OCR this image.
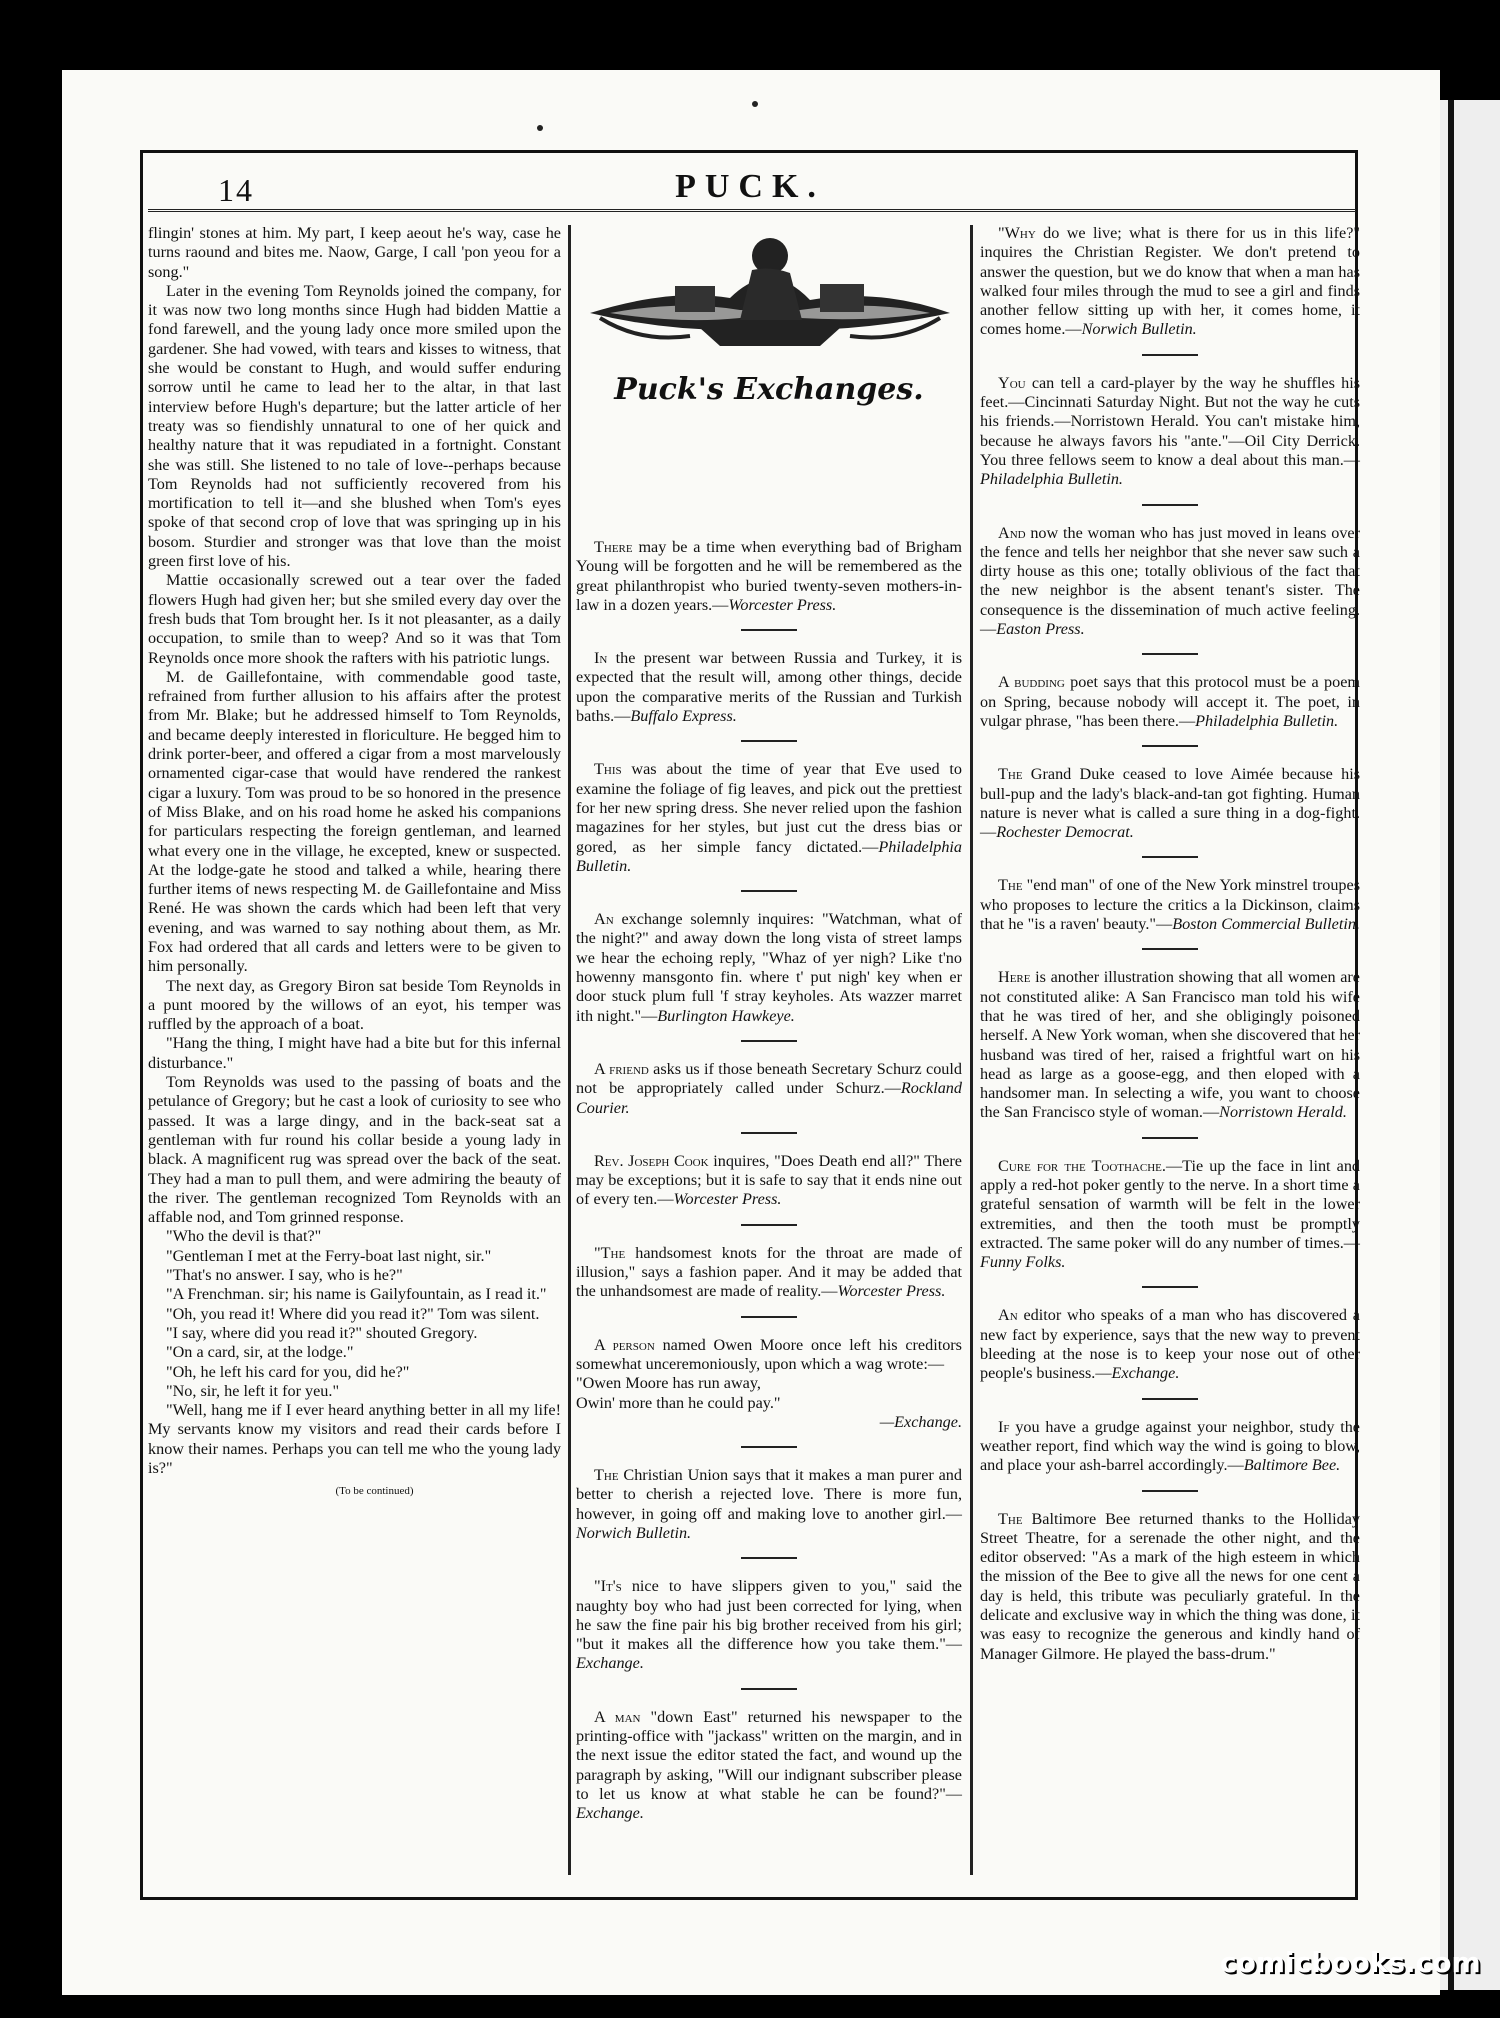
14	PUCK.

flingin' stones at him. My part, I keep aeout he's way, case he turns raound and bites me. Naow, Garge, I call 'pon yeou for a song."

Later in the evening Tom Reynolds joined the company, for it was now two long months since Hugh had bidden Mattie a fond farewell, and the young lady once more smiled upon the gardener. She had vowed, with tears and kisses to witness, that she would be constant to Hugh, and would suffer enduring sorrow until he came to lead her to the altar, in that last interview before Hugh's departure; but the latter article of her treaty was so fiendishly unnatural to one of her quick and healthy nature that it was repudiated in a fortnight. Constant she was still. She listened to no tale of love--perhaps because Tom Reynolds had not sufficiently recovered from his mortification to tell it—and she blushed when Tom's eyes spoke of that second crop of love that was springing up in his bosom. Sturdier and stronger was that love than the moist green first love of his.

Mattie occasionally screwed out a tear over the faded flowers Hugh had given her; but she smiled every day over the fresh buds that Tom brought her. Is it not pleasanter, as a daily occupation, to smile than to weep? And so it was that Tom Reynolds once more shook the rafters with his patriotic lungs.

M. de Gaillefontaine, with commendable good taste, refrained from further allusion to his affairs after the protest from Mr. Blake; but he addressed himself to Tom Reynolds, and became deeply interested in floriculture. He begged him to drink porter-beer, and offered a cigar from a most marvelously ornamented cigar-case that would have rendered the rankest cigar a luxury. Tom was proud to be so honored in the presence of Miss Blake, and on his road home he asked his companions for particulars respecting the foreign gentleman, and learned what every one in the village, he excepted, knew or suspected. At the lodge-gate he stood and talked a while, hearing there further items of news respecting M. de Gaillefontaine and Miss René. He was shown the cards which had been left that very evening, and was warned to say nothing about them, as Mr. Fox had ordered that all cards and letters were to be given to him personally.

The next day, as Gregory Biron sat beside Tom Reynolds in a punt moored by the willows of an eyot, his temper was ruffled by the approach of a boat.

"Hang the thing, I might have had a bite but for this infernal disturbance."

Tom Reynolds was used to the passing of boats and the petulance of Gregory; but he cast a look of curiosity to see who passed. It was a large dingy, and in the back-seat sat a gentleman with fur round his collar beside a young lady in black. A magnificent rug was spread over the back of the seat. They had a man to pull them, and were admiring the beauty of the river. The gentleman recognized Tom Reynolds with an affable nod, and Tom grinned response.

"Who the devil is that?"

"Gentleman I met at the Ferry-boat last night, sir."

"That's no answer. I say, who is he?"

"A Frenchman. sir; his name is Gailyfountain, as I read it."

"Oh, you read it! Where did you read it?" Tom was silent.

"I say, where did you read it?" shouted Gregory.

"On a card, sir, at the lodge."

"Oh, he left his card for you, did he?"

"No, sir, he left it for yeu."

"Well, hang me if I ever heard anything better in all my life! My servants know my visitors and read their cards before I know their names. Perhaps you can tell me who the young lady is?"

(To be continued)
Puck's Exchanges.

There may be a time when everything bad of Brigham Young will be forgotten and he will be remembered as the great philanthropist who buried twenty-seven mothers-in-law in a dozen years.—Worcester Press.

In the present war between Russia and Turkey, it is expected that the result will, among other things, decide upon the comparative merits of the Russian and Turkish baths.—Buffalo Express.

This was about the time of year that Eve used to examine the foliage of fig leaves, and pick out the prettiest for her new spring dress. She never relied upon the fashion magazines for her styles, but just cut the dress bias or gored, as her simple fancy dictated.—Philadelphia Bulletin.

An exchange solemnly inquires: "Watchman, what of the night?" and away down the long vista of street lamps we hear the echoing reply, "Whaz of yer nigh? Like t'no howenny mansgonto fin. where t' put nigh' key when er door stuck plum full 'f stray keyholes. Ats wazzer marret ith night."—Burlington Hawkeye.

A friend asks us if those beneath Secretary Schurz could not be appropriately called under Schurz.—Rockland Courier.

Rev. Joseph Cook inquires, "Does Death end all?" There may be exceptions; but it is safe to say that it ends nine out of every ten.—Worcester Press.

"The handsomest knots for the throat are made of illusion," says a fashion paper. And it may be added that the unhandsomest are made of reality.—Worcester Press.

A person named Owen Moore once left his creditors somewhat unceremoniously, upon which a wag wrote:—

"Owen Moore has run away,

Owin' more than he could pay."

—Exchange.

The Christian Union says that it makes a man purer and better to cherish a rejected love. There is more fun, however, in going off and making love to another girl.—Norwich Bulletin.

"It's nice to have slippers given to you," said the naughty boy who had just been corrected for lying, when he saw the fine pair his big brother received from his girl; "but it makes all the difference how you take them."—Exchange.

A man "down East" returned his newspaper to the printing-office with "jackass" written on the margin, and in the next issue the editor stated the fact, and wound up the paragraph by asking, "Will our indignant subscriber please to let us know at what stable he can be found?"—Exchange.

"Why do we live; what is there for us in this life?" inquires the Christian Register. We don't pretend to answer the question, but we do know that when a man has walked four miles through the mud to see a girl and finds another fellow sitting up with her, it comes home, it comes home.—Norwich Bulletin.

You can tell a card-player by the way he shuffles his feet.—Cincinnati Saturday Night. But not the way he cuts his friends.—Norristown Herald. You can't mistake him, because he always favors his "ante."—Oil City Derrick. You three fellows seem to know a deal about this man.—Philadelphia Bulletin.

And now the woman who has just moved in leans over the fence and tells her neighbor that she never saw such a dirty house as this one; totally oblivious of the fact that the new neighbor is the absent tenant's sister. The consequence is the dissemination of much active feeling.—Easton Press.

A budding poet says that this protocol must be a poem on Spring, because nobody will accept it. The poet, in vulgar phrase, "has been there.—Philadelphia Bulletin.

The Grand Duke ceased to love Aimée because his bull-pup and the lady's black-and-tan got fighting. Human nature is never what is called a sure thing in a dog-fight.—Rochester Democrat.

The "end man" of one of the New York minstrel troupes who proposes to lecture the critics a la Dickinson, claims that he "is a raven' beauty."—Boston Commercial Bulletin.

Here is another illustration showing that all women are not constituted alike: A San Francisco man told his wife that he was tired of her, and she obligingly poisoned herself. A New York woman, when she discovered that her husband was tired of her, raised a frightful wart on his head as large as a goose-egg, and then eloped with a handsomer man. In selecting a wife, you want to choose the San Francisco style of woman.—Norristown Herald.

Cure for the Toothache.—Tie up the face in lint and apply a red-hot poker gently to the nerve. In a short time a grateful sensation of warmth will be felt in the lower extremities, and then the tooth must be promptly extracted. The same poker will do any number of times.—Funny Folks.

An editor who speaks of a man who has discovered a new fact by experience, says that the new way to prevent bleeding at the nose is to keep your nose out of other people's business.—Exchange.

If you have a grudge against your neighbor, study the weather report, find which way the wind is going to blow, and place your ash-barrel accordingly.—Baltimore Bee.

The Baltimore Bee returned thanks to the Holliday Street Theatre, for a serenade the other night, and the editor observed: "As a mark of the high esteem in which the mission of the Bee to give all the news for one cent a day is held, this tribute was peculiarly grateful. In the delicate and exclusive way in which the thing was done, it was easy to recognize the generous and kindly hand of Manager Gilmore. He played the bass-drum."

comicbooks.com
